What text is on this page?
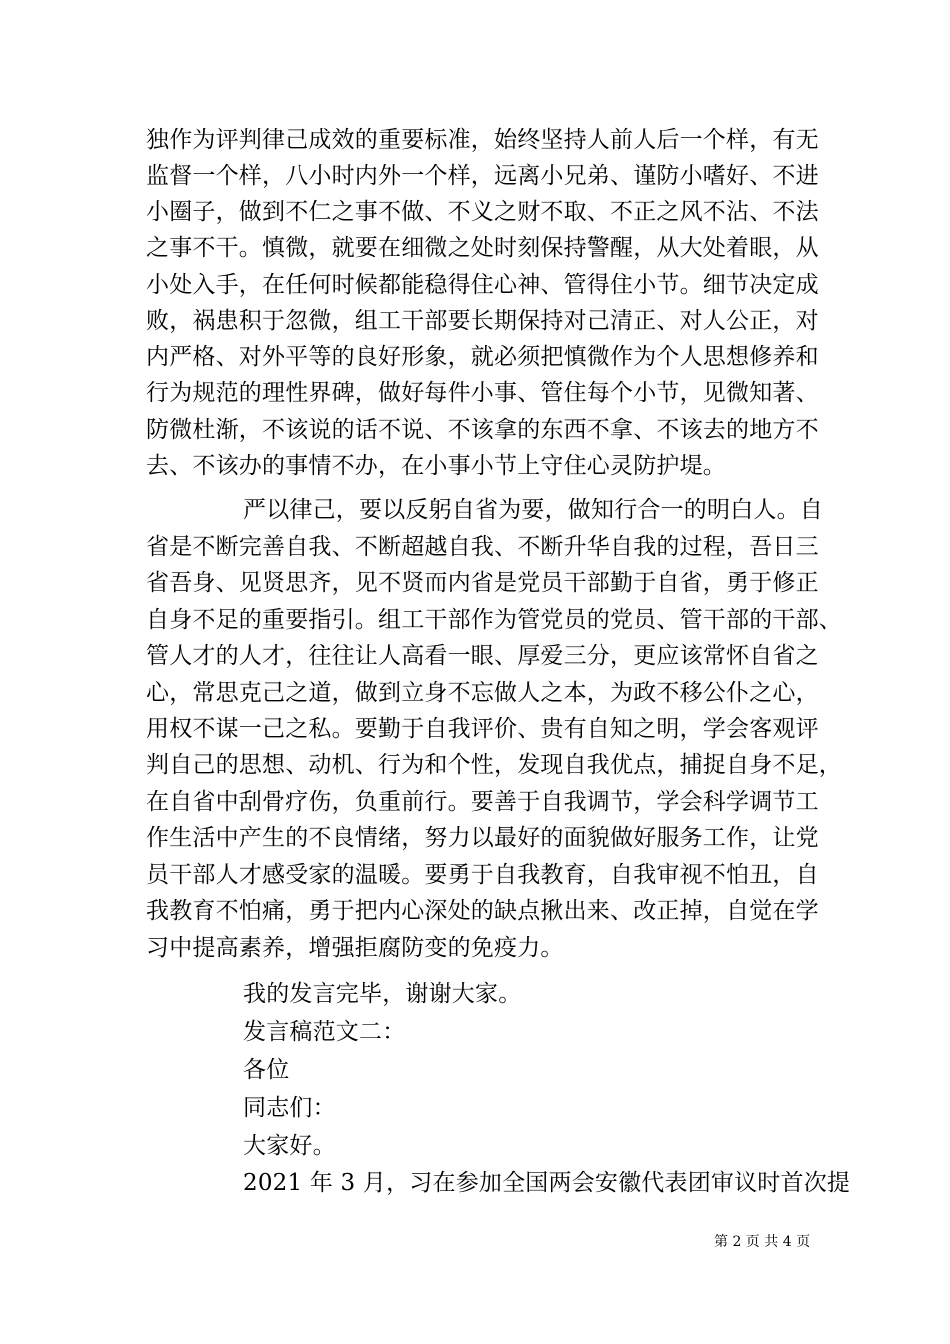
独作为评判律己成效的重要标准，始终坚持人前人后一个样，有无
监督一个样，八小时内外一个样，远离小兄弟、谨防小嗜好、不进
小圈子，做到不仁之事不做、不义之财不取、不正之风不沾、不法
之事不干。慎微，就要在细微之处时刻保持警醒，从大处着眼，从
小处入手，在任何时候都能稳得住心神、管得住小节。细节决定成
败，祸患积于忽微，组工干部要长期保持对己清正、对人公正，对
内严格、对外平等的良好形象，就必须把慎微作为个人思想修养和
行为规范的理性界碑，做好每件小事、管住每个小节，见微知著、
防微杜渐，不该说的话不说、不该拿的东西不拿、不该去的地方不
去、不该办的事情不办，在小事小节上守住心灵防护堤。
严以律己，要以反躬自省为要，做知行合一的明白人。自
省是不断完善自我、不断超越自我、不断升华自我的过程，吾日三
省吾身、见贤思齐，见不贤而内省是党员干部勤于自省，勇于修正
自身不足的重要指引。组工干部作为管党员的党员、管干部的干部、
管人才的人才，往往让人高看一眼、厚爱三分，更应该常怀自省之
心，常思克己之道，做到立身不忘做人之本，为政不移公仆之心，
用权不谋一己之私。要勤于自我评价、贵有自知之明，学会客观评
判自己的思想、动机、行为和个性，发现自我优点，捕捉自身不足，
在自省中刮骨疗伤，负重前行。要善于自我调节，学会科学调节工
作生活中产生的不良情绪，努力以最好的面貌做好服务工作，让党
员干部人才感受家的温暖。要勇于自我教育，自我审视不怕丑，自
我教育不怕痛，勇于把内心深处的缺点揪出来、改正掉，自觉在学
习中提高素养，增强拒腐防变的免疫力。
我的发言完毕，谢谢大家。
发言稿范文二：
各位
同志们：
大家好。
2021 年 3 月，习在参加全国两会安徽代表团审议时首次提
第 2 页 共 4 页
